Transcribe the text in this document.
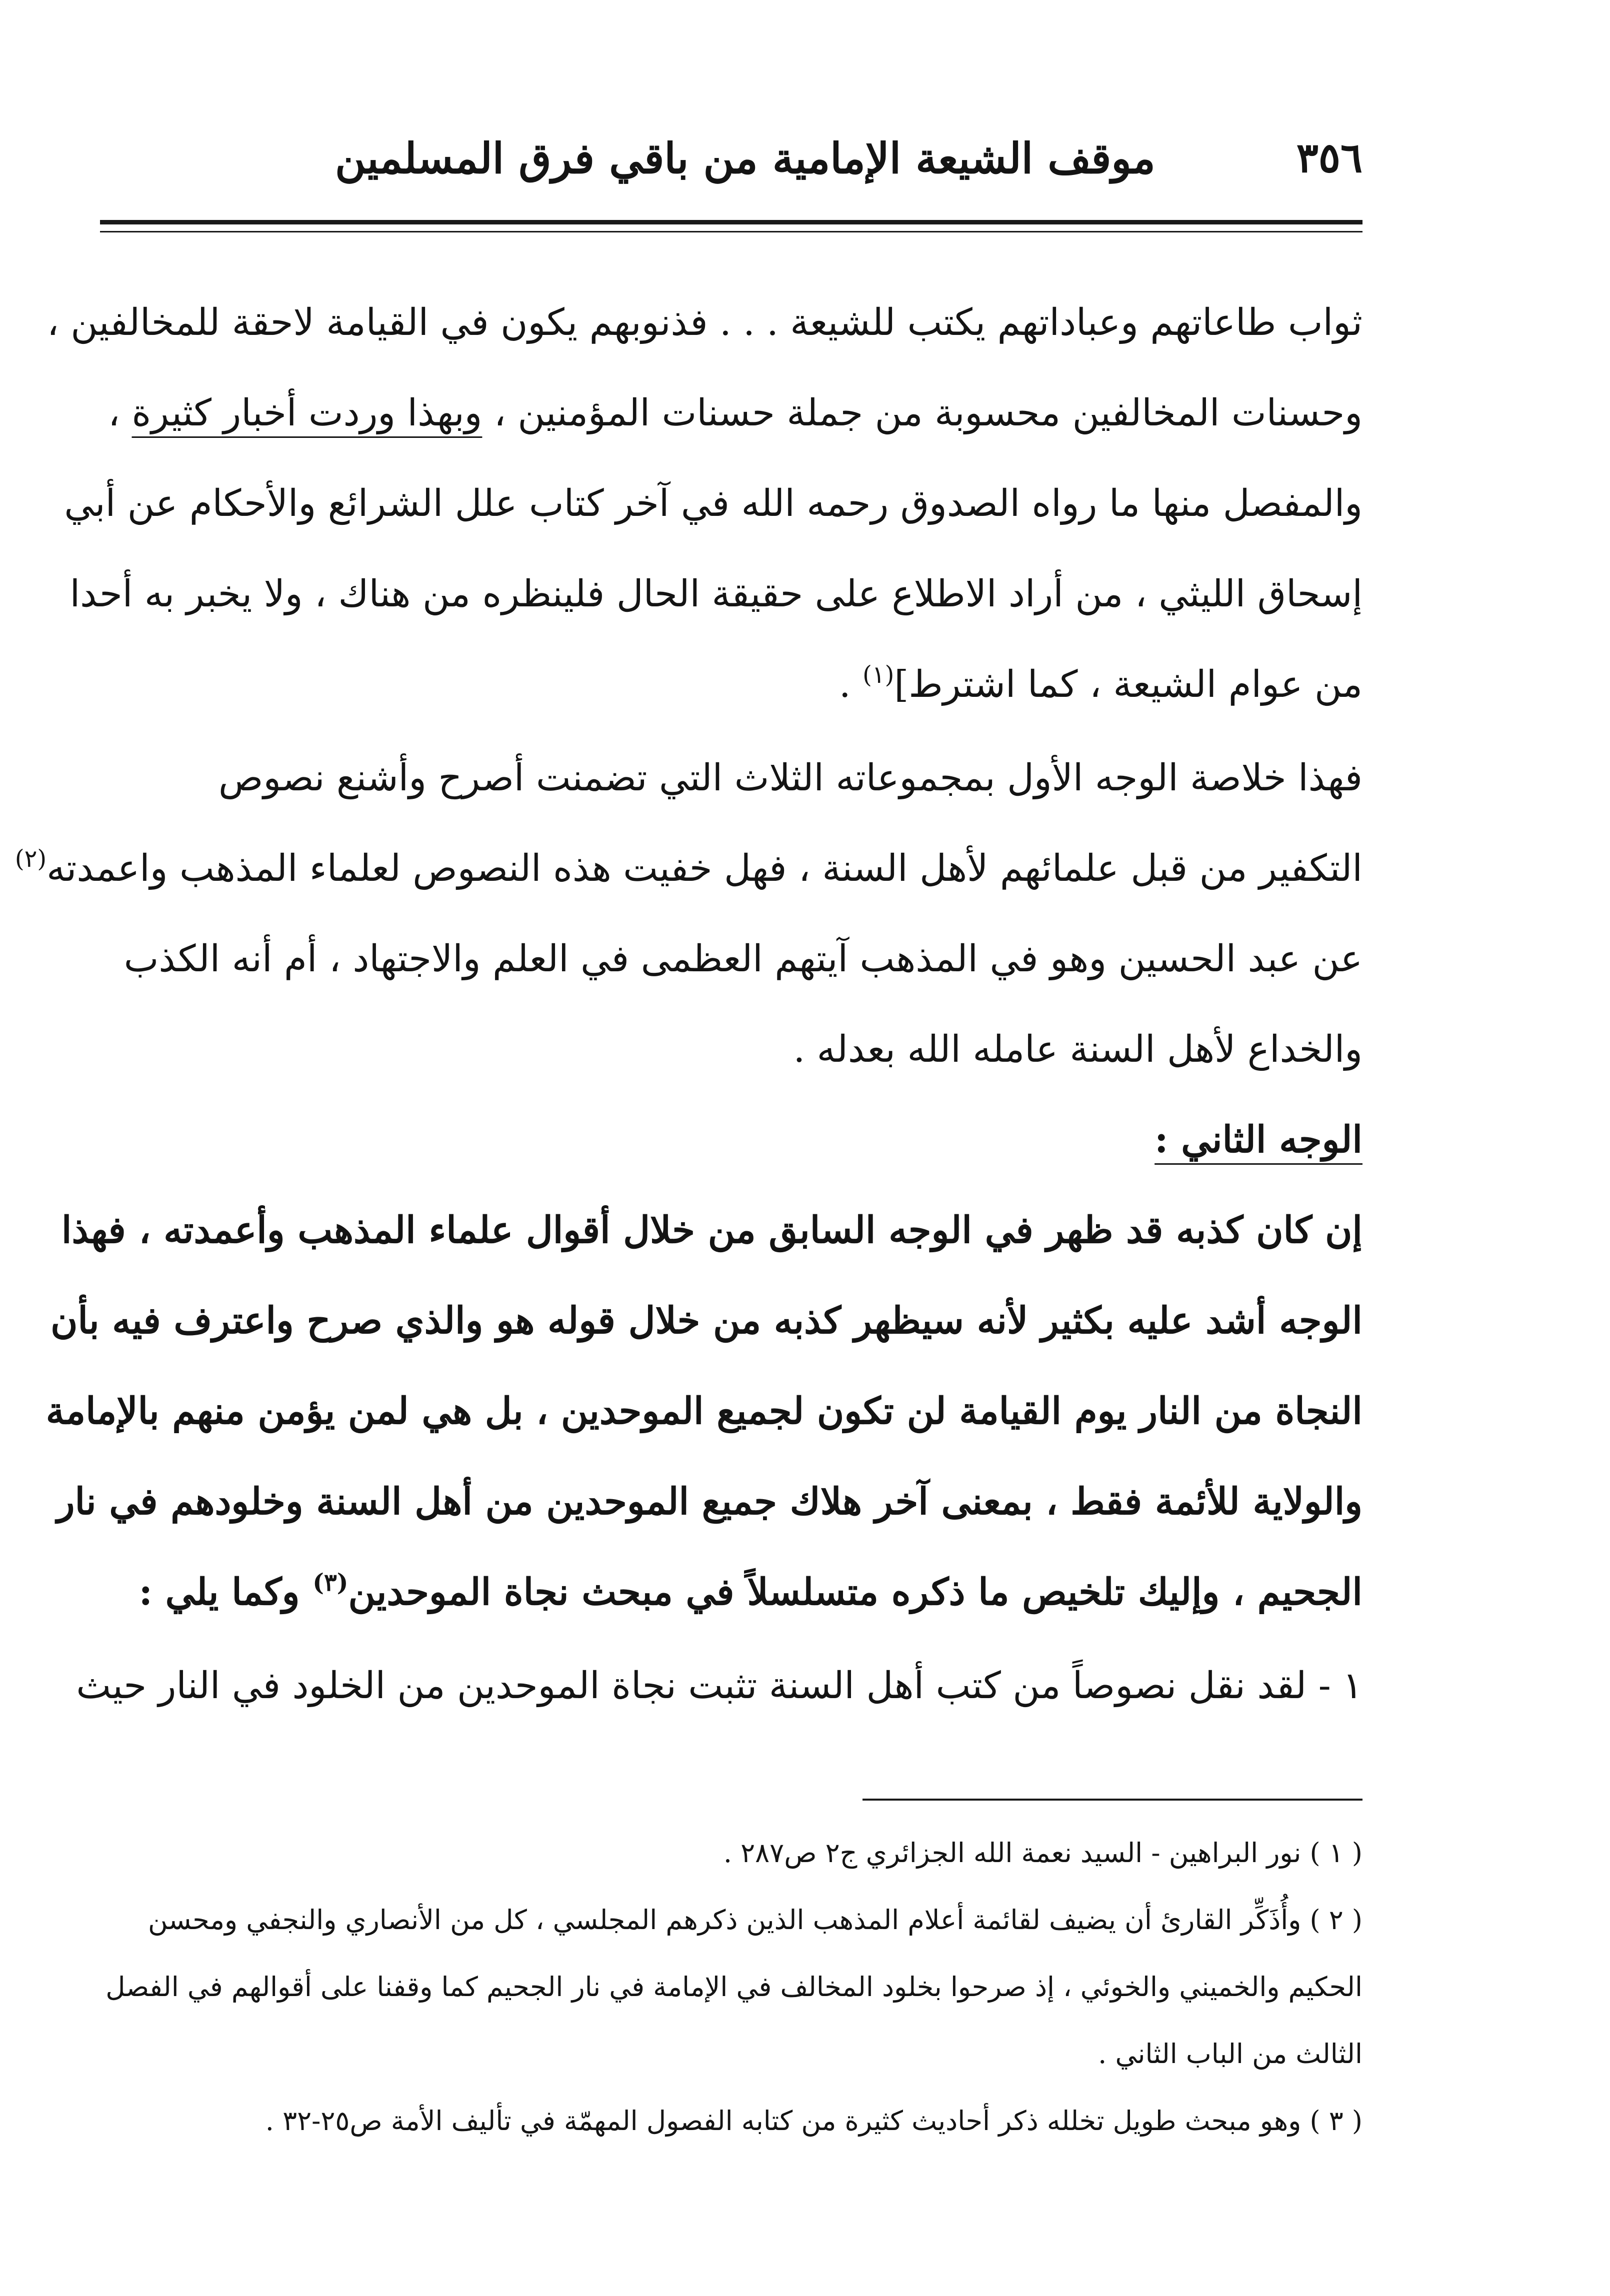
٣٥٦
موقف الشيعة الإمامية من باقي فرق المسلمين
ثواب طاعاتهم وعباداتهم يكتب للشيعة . . . فذنوبهم يكون في القيامة لاحقة للمخالفين ،
وحسنات المخالفين محسوبة من جملة حسنات المؤمنين ، وبهذا وردت أخبار كثيرة ،
والمفصل منها ما رواه الصدوق رحمه الله في آخر كتاب علل الشرائع والأحكام عن أبي
إسحاق الليثي ، من أراد الاطلاع على حقيقة الحال فلينظره من هناك ، ولا يخبر به أحدا
من عوام الشيعة ، كما اشترط]$^{(١)}$ .
فهذا خلاصة الوجه الأول بمجموعاته الثلاث التي تضمنت أصرح وأشنع نصوص
التكفير من قبل علمائهم لأهل السنة ، فهل خفيت هذه النصوص لعلماء المذهب واعمدته$^{(٢)}$
عن عبد الحسين وهو في المذهب آيتهم العظمى في العلم والاجتهاد ، أم أنه الكذب
والخداع لأهل السنة عامله الله بعدله .
الوجه الثاني :
إن كان كذبه قد ظهر في الوجه السابق من خلال أقوال علماء المذهب وأعمدته ، فهذا
الوجه أشد عليه بكثير لأنه سيظهر كذبه من خلال قوله هو والذي صرح واعترف فيه بأن
النجاة من النار يوم القيامة لن تكون لجميع الموحدين ، بل هي لمن يؤمن منهم بالإمامة
والولاية للأئمة فقط ، بمعنى آخر هلاك جميع الموحدين من أهل السنة وخلودهم في نار
الجحيم ، وإليك تلخيص ما ذكره متسلسلاً في مبحث نجاة الموحدين$^{(٣)}$ وكما يلي :
١ - لقد نقل نصوصاً من كتب أهل السنة تثبت نجاة الموحدين من الخلود في النار حيث
( ١ ) نور البراهين - السيد نعمة الله الجزائري ج٢ ص٢٨٧ .
( ٢ ) وأُذَكِّر القارئ أن يضيف لقائمة أعلام المذهب الذين ذكرهم المجلسي ، كل من الأنصاري والنجفي ومحسن
الحكيم والخميني والخوئي ، إذ صرحوا بخلود المخالف في الإمامة في نار الجحيم كما وقفنا على أقوالهم في الفصل
الثالث من الباب الثاني .
( ٣ ) وهو مبحث طويل تخلله ذكر أحاديث كثيرة من كتابه الفصول المهمّة في تأليف الأمة ص٢٥-٣٢ .
